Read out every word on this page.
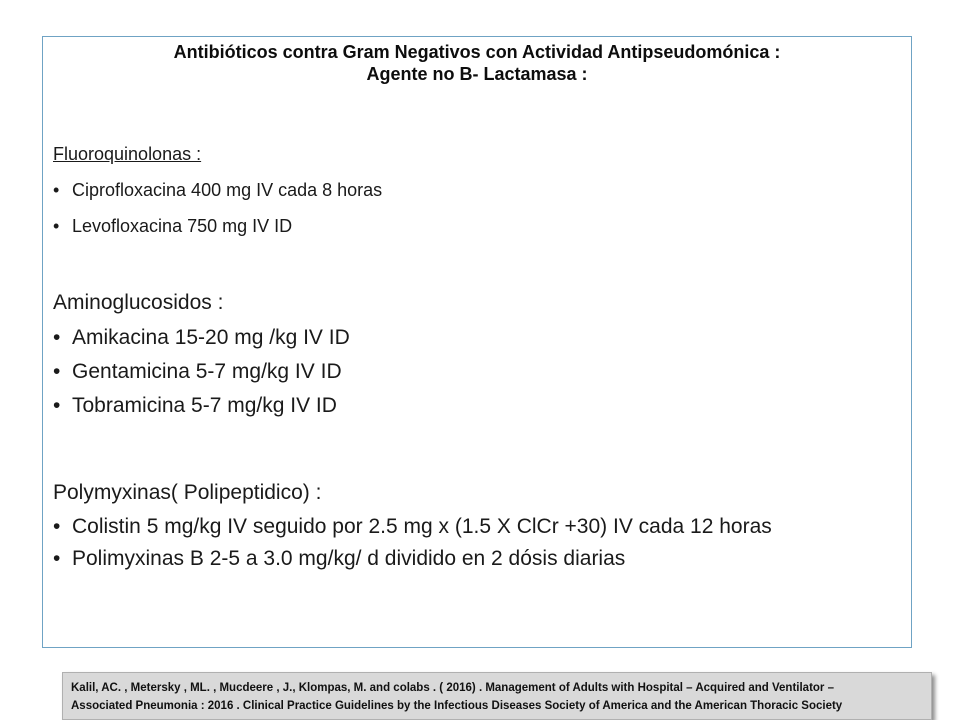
Antibióticos contra Gram Negativos con Actividad Antipseudomónica :
Agente no B- Lactamasa :
Fluoroquinolonas :
• Ciprofloxacina 400 mg IV cada 8 horas
• Levofloxacina 750 mg IV ID
Aminoglucosidos :
• Amikacina 15-20 mg /kg IV ID
• Gentamicina 5-7 mg/kg IV ID
• Tobramicina 5-7 mg/kg IV ID
Polymyxinas( Polipeptidico) :
• Colistin 5 mg/kg IV seguido por 2.5 mg x (1.5 X ClCr +30) IV cada 12 horas
• Polimyxinas B 2-5 a 3.0 mg/kg/ d dividido en 2 dósis diarias
Kalil, AC. , Metersky , ML. , Mucdeere , J., Klompas, M. and colabs . ( 2016) . Management of Adults with Hospital – Acquired and Ventilator –
Associated Pneumonia : 2016 . Clinical Practice Guidelines by the Infectious Diseases Society of America and the American Thoracic Society
